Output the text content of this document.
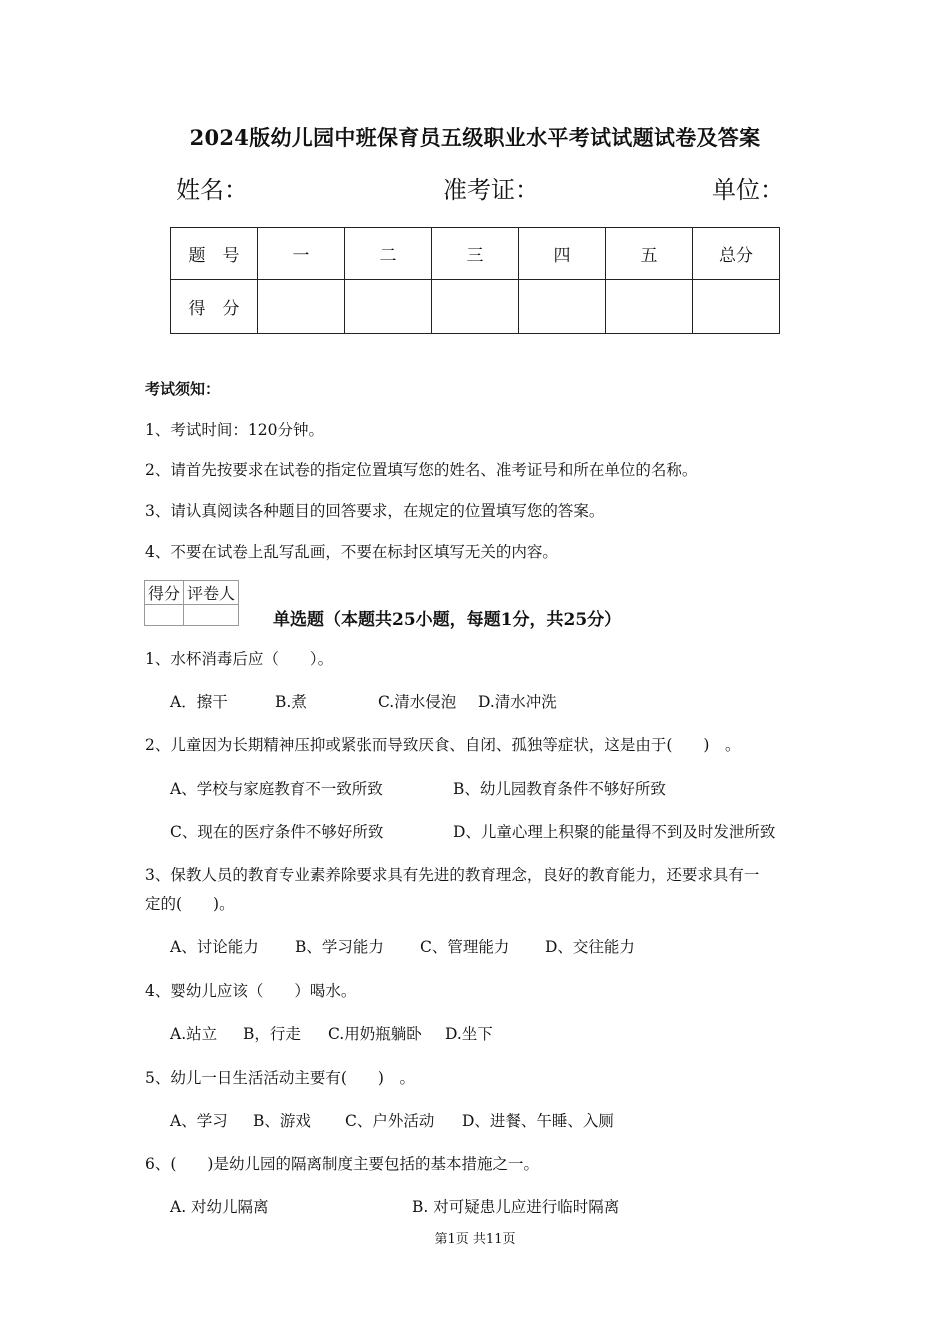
2024版幼儿园中班保育员五级职业水平考试试题试卷及答案
姓名：	准考证：	单位：
题　号	一	二	三	四	五	总分
得　分						
考试须知：
1、考试时间：120分钟。
2、请首先按要求在试卷的指定位置填写您的姓名、准考证号和所在单位的名称。
3、请认真阅读各种题目的回答要求，在规定的位置填写您的答案。
4、不要在试卷上乱写乱画，不要在标封区填写无关的内容。
得分	评卷人

单选题（本题共25小题，每题1分，共25分）
1、水杯消毒后应（　　）。
A．擦干	B.煮	C.清水侵泡 D.清水冲洗
2、儿童因为长期精神压抑或紧张而导致厌食、自闭、孤独等症状，这是由于(　　)　。
A、学校与家庭教育不一致所致	B、幼儿园教育条件不够好所致
C、现在的医疗条件不够好所致	D、儿童心理上积聚的能量得不到及时发泄所致
3、保教人员的教育专业素养除要求具有先进的教育理念，良好的教育能力，还要求具有一
定的(　　)。
A、讨论能力 B、学习能力 C、管理能力 D、交往能力
4、婴幼儿应该（　　）喝水。
A.站立 B，行走 C.用奶瓶躺卧 D.坐下
5、幼儿一日生活活动主要有(　　)　。
A、学习 B、游戏 C、户外活动 D、进餐、午睡、入厕
6、(　　)是幼儿园的隔离制度主要包括的基本措施之一。
A. 对幼儿隔离	B. 对可疑患儿应进行临时隔离
第1页 共11页
